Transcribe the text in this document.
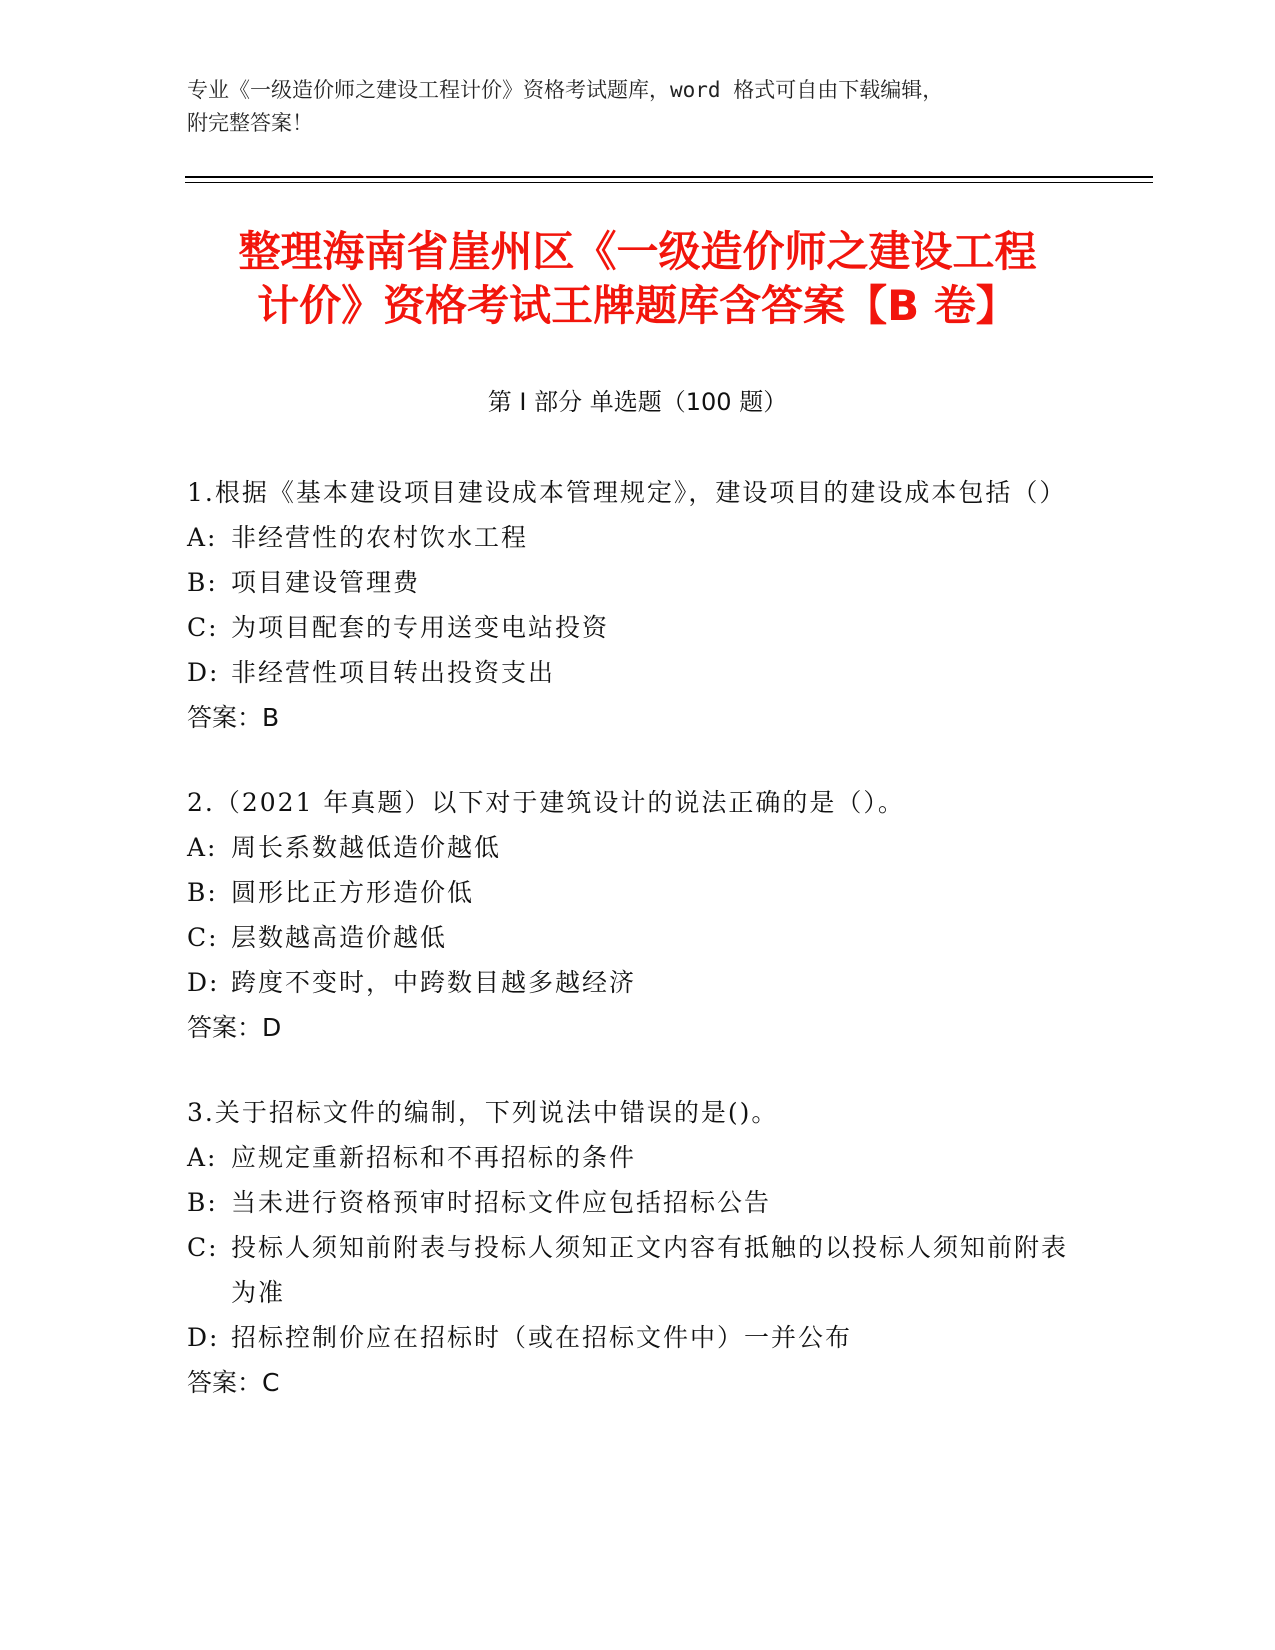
专业《一级造价师之建设工程计价》资格考试题库，word 格式可自由下载编辑，
附完整答案！
整理海南省崖州区《一级造价师之建设工程
计价》资格考试王牌题库含答案【B 卷】
第 I 部分 单选题（100 题）
1.根据《基本建设项目建设成本管理规定》，建设项目的建设成本包括（）
A: 非经营性的农村饮水工程
B: 项目建设管理费
C: 为项目配套的专用送变电站投资
D: 非经营性项目转出投资支出
答案：B
2.（2021 年真题）以下对于建筑设计的说法正确的是（）。
A: 周长系数越低造价越低
B: 圆形比正方形造价低
C: 层数越高造价越低
D: 跨度不变时，中跨数目越多越经济
答案：D
3.关于招标文件的编制，下列说法中错误的是()。
A: 应规定重新招标和不再招标的条件
B: 当未进行资格预审时招标文件应包括招标公告
C: 投标人须知前附表与投标人须知正文内容有抵触的以投标人须知前附表为准
D: 招标控制价应在招标时（或在招标文件中）一并公布
答案：C
